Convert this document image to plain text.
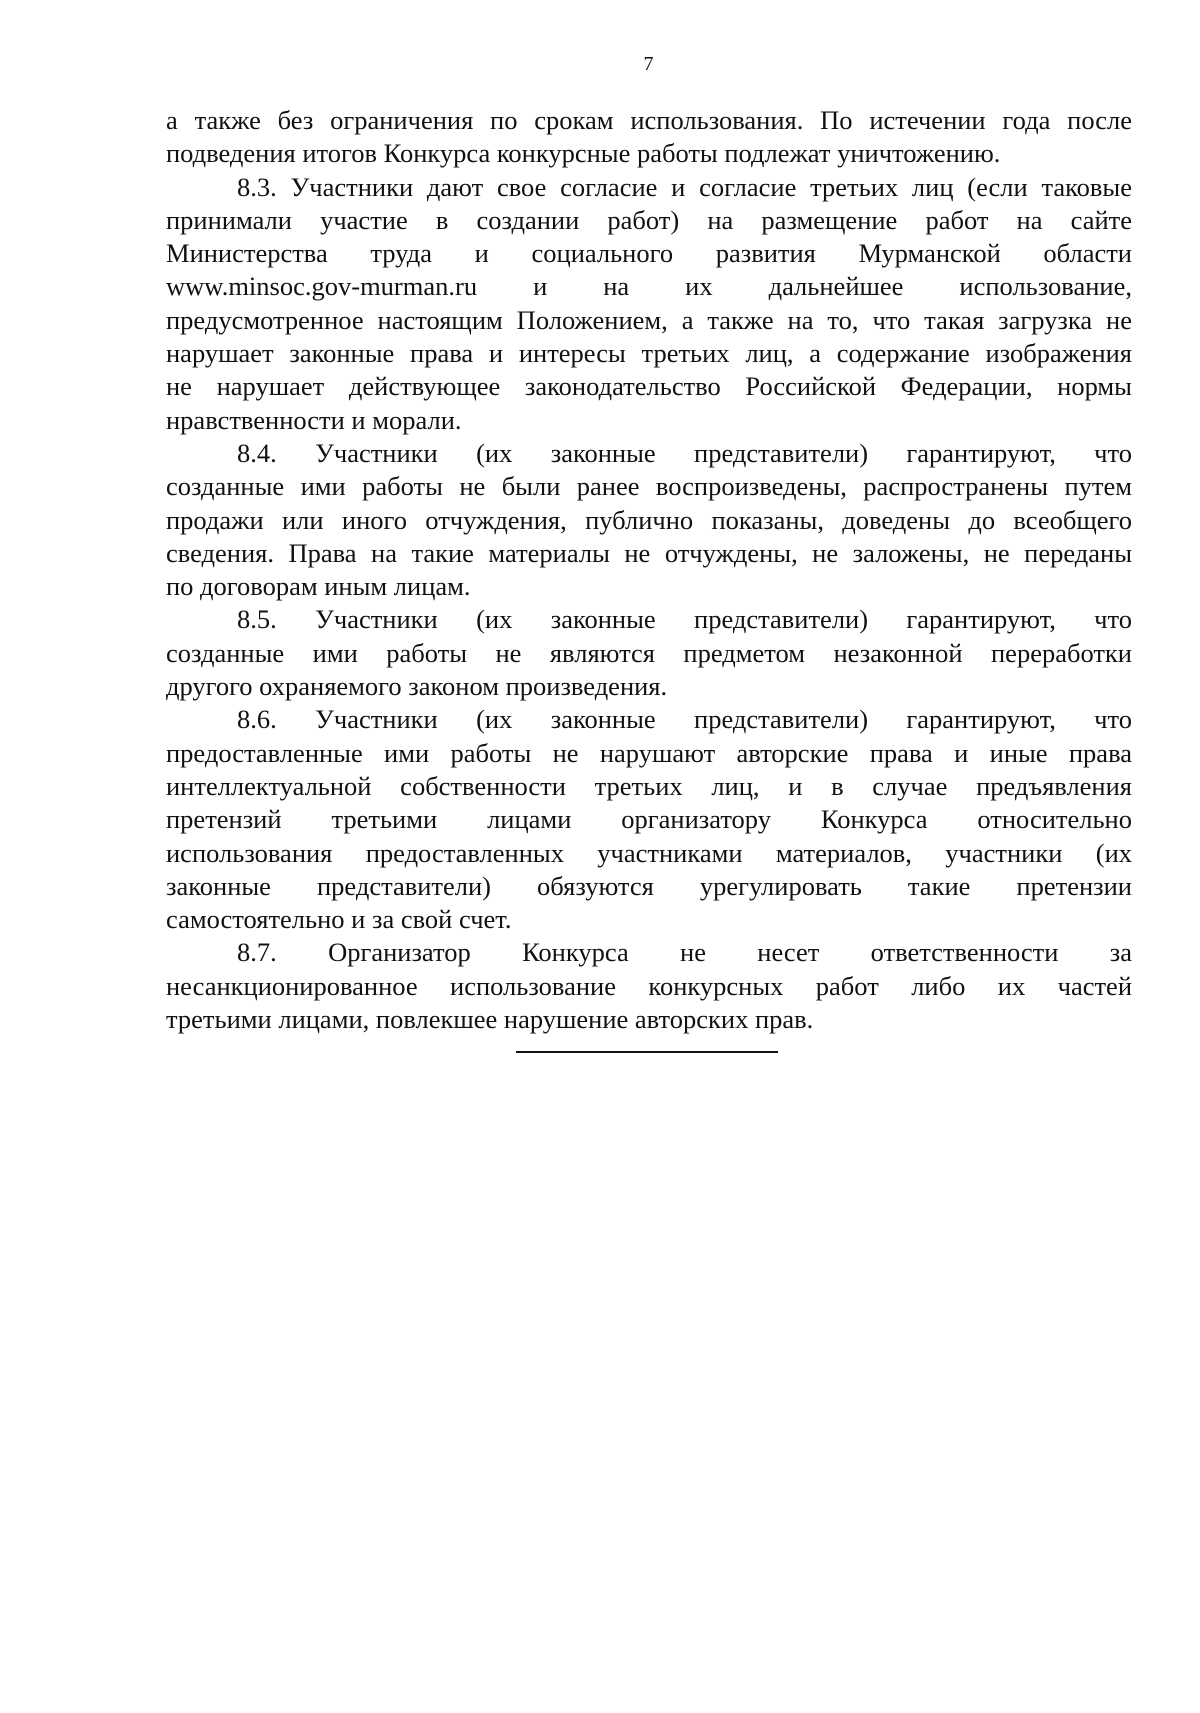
7
а также без ограничения по срокам использования. По истечении года после
подведения итогов Конкурса конкурсные работы подлежат уничтожению.
8.3. Участники дают свое согласие и согласие третьих лиц (если таковые
принимали участие в создании работ) на размещение работ на сайте
Министерства труда и социального развития Мурманской области
www.minsoc.gov-murman.ru и на их дальнейшее использование,
предусмотренное настоящим Положением, а также на то, что такая загрузка не
нарушает законные права и интересы третьих лиц, а содержание изображения
не нарушает действующее законодательство Российской Федерации, нормы
нравственности и морали.
8.4. Участники (их законные представители) гарантируют, что
созданные ими работы не были ранее воспроизведены, распространены путем
продажи или иного отчуждения, публично показаны, доведены до всеобщего
сведения. Права на такие материалы не отчуждены, не заложены, не переданы
по договорам иным лицам.
8.5. Участники (их законные представители) гарантируют, что
созданные ими работы не являются предметом незаконной переработки
другого охраняемого законом произведения.
8.6. Участники (их законные представители) гарантируют, что
предоставленные ими работы не нарушают авторские права и иные права
интеллектуальной собственности третьих лиц, и в случае предъявления
претензий третьими лицами организатору Конкурса относительно
использования предоставленных участниками материалов, участники (их
законные представители) обязуются урегулировать такие претензии
самостоятельно и за свой счет.
8.7. Организатор Конкурса не несет ответственности за
несанкционированное использование конкурсных работ либо их частей
третьими лицами, повлекшее нарушение авторских прав.
